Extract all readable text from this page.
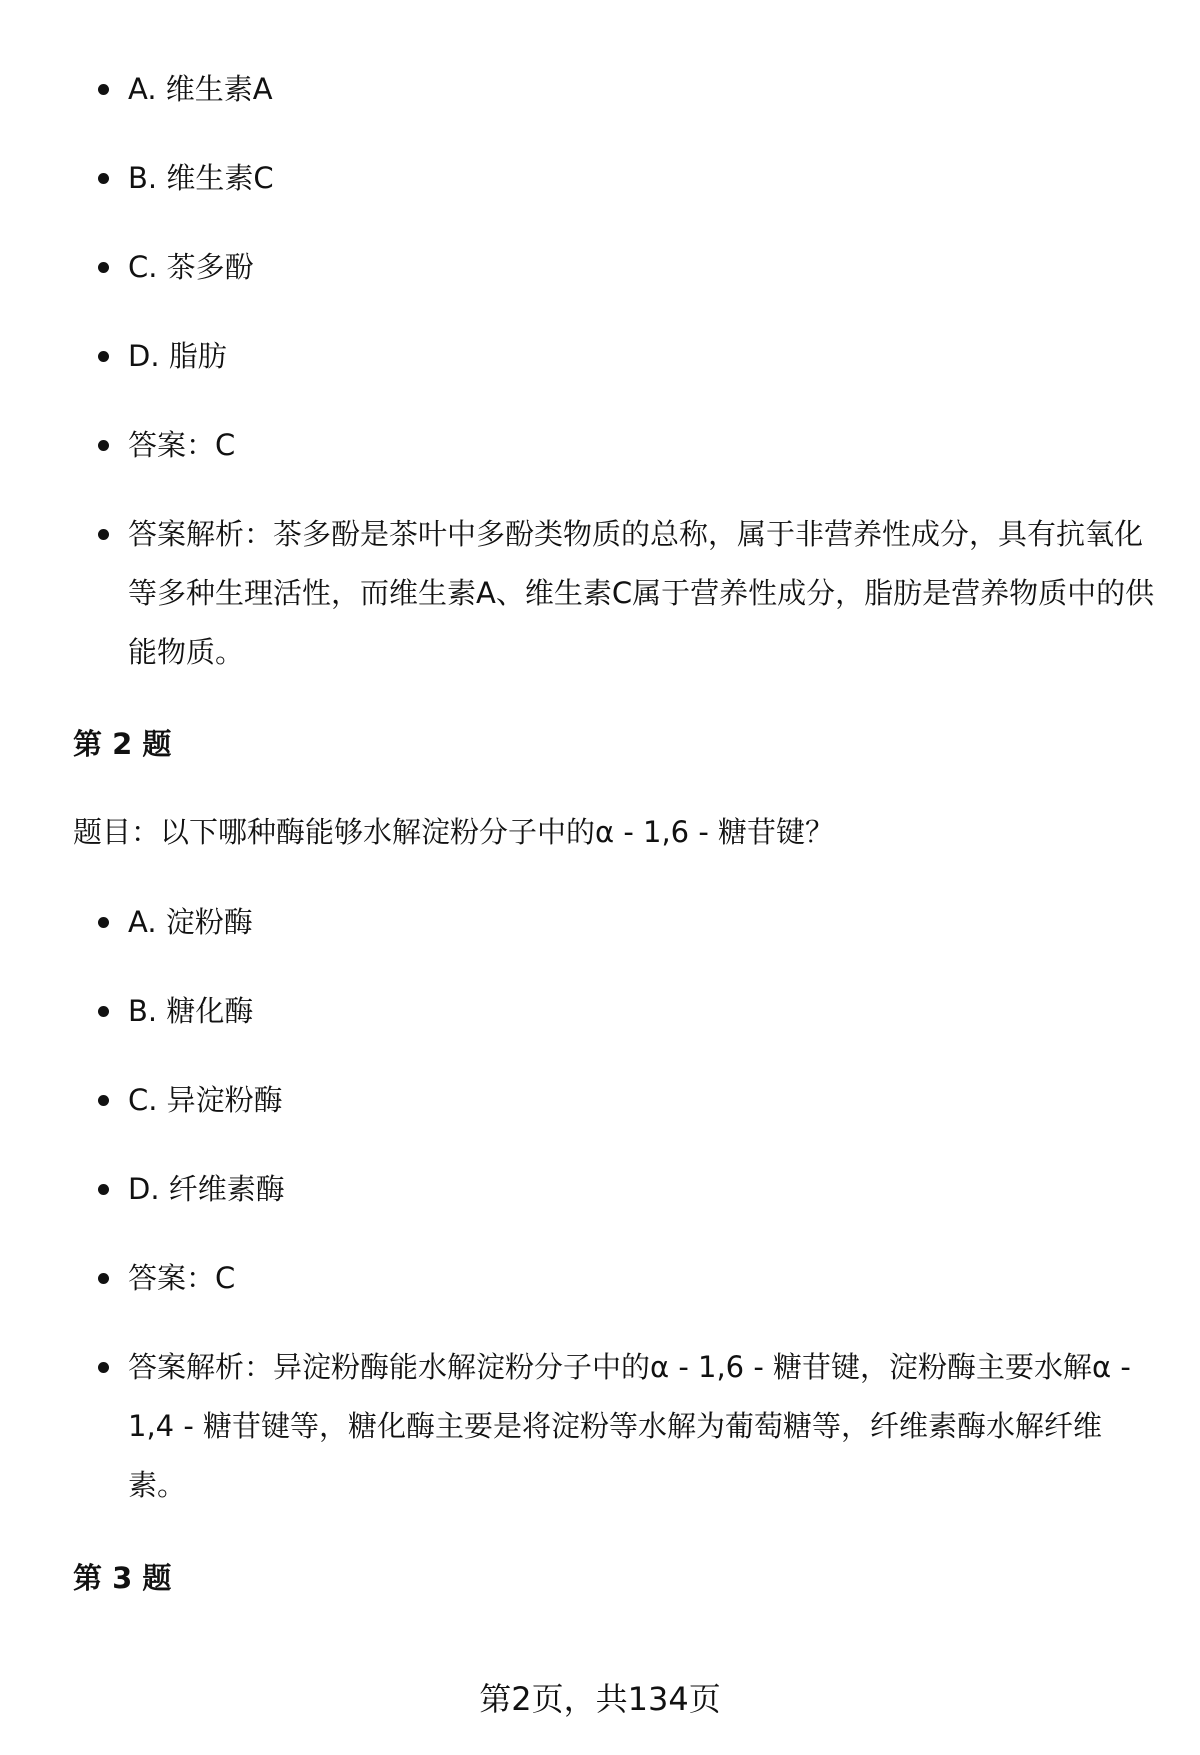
A. 维生素A
B. 维生素C
C. 茶多酚
D. 脂肪
答案：C
答案解析：茶多酚是茶叶中多酚类物质的总称，属于非营养性成分，具有抗氧化等多种生理活性，而维生素A、维生素C属于营养性成分，脂肪是营养物质中的供能物质。
第 2 题
题目：以下哪种酶能够水解淀粉分子中的α - 1,6 - 糖苷键？
A. 淀粉酶
B. 糖化酶
C. 异淀粉酶
D. 纤维素酶
答案：C
答案解析：异淀粉酶能水解淀粉分子中的α - 1,6 - 糖苷键，淀粉酶主要水解α - 1,4 - 糖苷键等，糖化酶主要是将淀粉等水解为葡萄糖等，纤维素酶水解纤维素。
第 3 题
第2页，共134页
